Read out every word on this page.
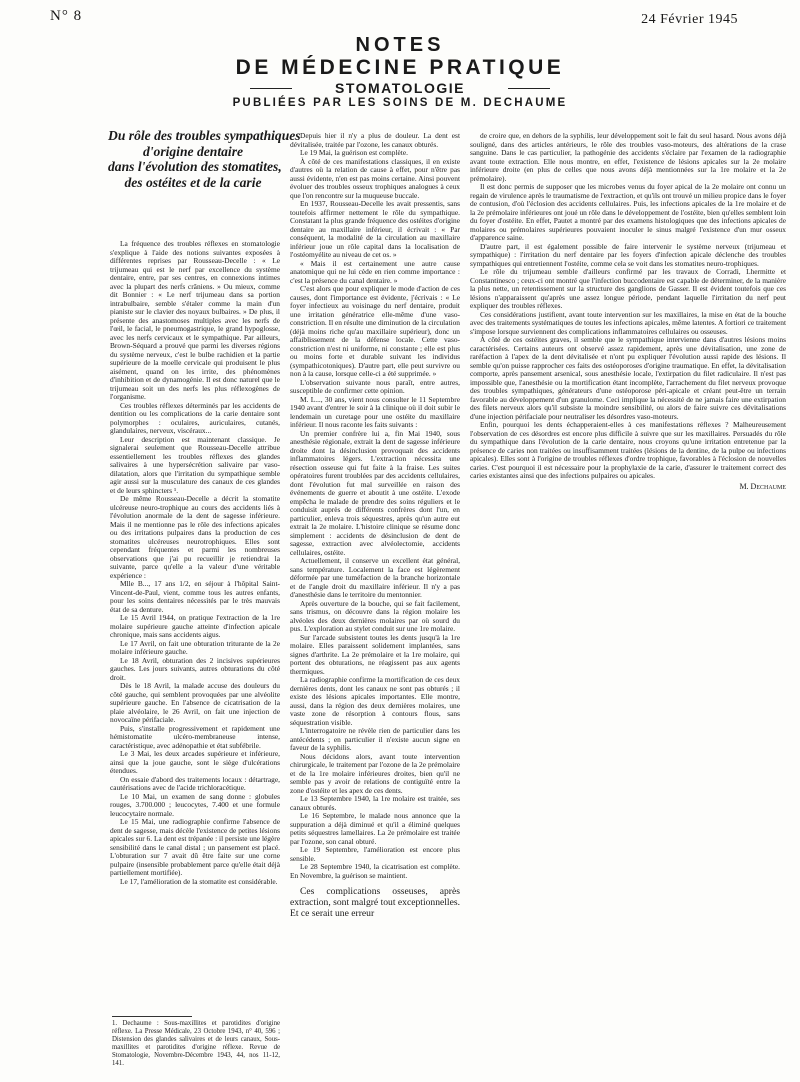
N° 8	24 Février 1945
NOTES
DE MÉDECINE PRATIQUE
STOMATOLOGIE
PUBLIÉES PAR LES SOINS DE M. DECHAUME
Du rôle des troubles sympathiques
d'origine dentaire
dans l'évolution des stomatites,
des ostéites et de la carie

La fréquence des troubles réflexes en stomatologie s'explique à l'aide des notions suivantes exposées à différentes reprises par Rousseau-Decelle : « Le trijumeau qui est le nerf par excellence du système dentaire, entre, par ses centres, en connexions intimes avec la plupart des nerfs crâniens. » Ou mieux, comme dit Bonnier : « Le nerf trijumeau dans sa portion intrabulbaire, semble s'étaler comme la main d'un pianiste sur le clavier des noyaux bulbaires. » De plus, il présente des anastomoses multiples avec les nerfs de l'œil, le facial, le pneumogastrique, le grand hypoglosse, avec les nerfs cervicaux et le sympathique. Par ailleurs, Brown-Séquard a prouvé que parmi les diverses régions du système nerveux, c'est le bulbe rachidien et la partie supérieure de la moelle cervicale qui produisent le plus aisément, quand on les irrite, des phénomènes d'inhibition et de dynamogénie. Il est donc naturel que le trijumeau soit un des nerfs les plus réflexogènes de l'organisme.

Ces troubles réflexes déterminés par les accidents de dentition ou les complications de la carie dentaire sont polymorphes : oculaires, auriculaires, cutanés, glandulaires, nerveux, viscéraux...

Leur description est maintenant classique. Je signalerai seulement que Rousseau-Decelle attribue essentiellement les troubles réflexes des glandes salivaires à une hypersécrétion salivaire par vaso-dilatation, alors que l'irritation du sympathique semble agir aussi sur la musculature des canaux de ces glandes et de leurs sphincters ¹.

De même Rousseau-Decelle a décrit la stomatite ulcéreuse neuro-trophique au cours des accidents liés à l'évolution anormale de la dent de sagesse inférieure. Mais il ne mentionne pas le rôle des infections apicales ou des irritations pulpaires dans la production de ces stomatites ulcéreuses neurotrophiques. Elles sont cependant fréquentes et parmi les nombreuses observations que j'ai pu recueillir je retiendrai la suivante, parce qu'elle a la valeur d'une véritable expérience :

Mlle B..., 17 ans 1/2, en séjour à l'hôpital Saint-Vincent-de-Paul, vient, comme tous les autres enfants, pour les soins dentaires nécessités par le très mauvais état de sa denture.

Le 15 Avril 1944, on pratique l'extraction de la 1re molaire supérieure gauche atteinte d'infection apicale chronique, mais sans accidents aigus.

Le 17 Avril, on fait une obturation triturante de la 2e molaire inférieure gauche.

Le 18 Avril, obturation des 2 incisives supérieures gauches. Les jours suivants, autres obturations du côté droit.

Dès le 18 Avril, la malade accuse des douleurs du côté gauche, qui semblent provoquées par une alvéolite supérieure gauche. En l'absence de cicatrisation de la plaie alvéolaire, le 26 Avril, on fait une injection de novocaïne périfaciale.

Puis, s'installe progressivement et rapidement une hémistomatite ulcéro-membraneuse intense, caractéristique, avec adénopathie et état subfébrile.

Le 3 Mai, les deux arcades supérieure et inférieure, ainsi que la joue gauche, sont le siège d'ulcérations étendues.

On essaie d'abord des traitements locaux : détartrage, cautérisations avec de l'acide trichloracétique.

Le 10 Mai, un examen de sang donne : globules rouges, 3.700.000 ; leucocytes, 7.400 et une formule leucocytaire normale.

Le 15 Mai, une radiographie confirme l'absence de dent de sagesse, mais décèle l'existence de petites lésions apicales sur 6. La dent est trépanée : il persiste une légère sensibilité dans le canal distal ; un pansement est placé. L'obturation sur 7 avait dû être faite sur une corne pulpaire (insensible probablement parce qu'elle était déjà partiellement mortifiée).

Le 17, l'amélioration de la stomatite est considérable.

1. Dechaume : Sous-maxillites et parotidites d'origine réflexe. La Presse Médicale, 23 Octobre 1943, n° 40, 596 ; Distension des glandes salivaires et de leurs canaux, Sous-maxillites et parotidites d'origine réflexe. Revue de Stomatologie, Novembre-Décembre 1943, 44, nos 11-12, 141.

Depuis hier il n'y a plus de douleur. La dent est dévitalisée, traitée par l'ozone, les canaux obturés.

Le 19 Mai, la guérison est complète.

À côté de ces manifestations classiques, il en existe d'autres où la relation de cause à effet, pour n'être pas aussi évidente, n'en est pas moins certaine. Ainsi pouvent évoluer des troubles osseux trophiques analogues à ceux que l'on rencontre sur la muqueuse buccale.

En 1937, Rousseau-Decelle les avait pressentis, sans toutefois affirmer nettement le rôle du sympathique. Constatant la plus grande fréquence des ostéites d'origine dentaire au maxillaire inférieur, il écrivait : « Par conséquent, la modalité de la circulation au maxillaire inférieur joue un rôle capital dans la localisation de l'ostéomyélite au niveau de cet os. »

« Mais il est certainement une autre cause anatomique qui ne lui cède en rien comme importance : c'est la présence du canal dentaire. »

C'est alors que pour expliquer le mode d'action de ces causes, dont l'importance est évidente, j'écrivais : « Le foyer infectieux au voisinage du nerf dentaire, produit une irritation génératrice elle-même d'une vaso-constriction. Il en résulte une diminution de la circulation (déjà moins riche qu'au maxillaire supérieur), donc un affaiblissement de la défense locale. Cette vaso-constriction n'est ni uniforme, ni constante ; elle est plus ou moins forte et durable suivant les individus (sympathicotoniques). D'autre part, elle peut survivre ou non à la cause, lorsque celle-ci a été supprimée. »

L'observation suivante nous paraît, entre autres, susceptible de confirmer cette opinion.

M. L..., 30 ans, vient nous consulter le 11 Septembre 1940 avant d'entrer le soir à la clinique où il doit subir le lendemain un curetage pour une ostéite du maxillaire inférieur. Il nous raconte les faits suivants :

Un premier confrère lui a, fin Mai 1940, sous anesthésie régionale, extrait la dent de sagesse inférieure droite dont la désinclusion provoquait des accidents inflammatoires légers. L'extraction nécessita une résection osseuse qui fut faite à la fraise. Les suites opératoires furent troublées par des accidents cellulaires, dont l'évolution fut mal surveillée en raison des événements de guerre et aboutit à une ostéite. L'exode empêcha le malade de prendre des soins réguliers et le conduisit auprès de différents confrères dont l'un, en particulier, enleva trois séquestres, après qu'un autre eut extrait la 2e molaire. L'histoire clinique se résume donc simplement : accidents de désinclusion de dent de sagesse, extraction avec alvéolectomie, accidents cellulaires, ostéite.

Actuellement, il conserve un excellent état général, sans température. Localement la face est légèrement déformée par une tuméfaction de la branche horizontale et de l'angle droit du maxillaire inférieur. Il n'y a pas d'anesthésie dans le territoire du mentonnier.

Après ouverture de la bouche, qui se fait facilement, sans trismus, on découvre dans la région molaire les alvéoles des deux dernières molaires par où sourd du pus. L'exploration au stylet conduit sur une 1re molaire.

Sur l'arcade subsistent toutes les dents jusqu'à la 1re molaire. Elles paraissent solidement implantées, sans signes d'arthrite. La 2e prémolaire et la 1re molaire, qui portent des obturations, ne réagissent pas aux agents thermiques.

La radiographie confirme la mortification de ces deux dernières dents, dont les canaux ne sont pas obturés ; il existe des lésions apicales importantes. Elle montre, aussi, dans la région des deux dernières molaires, une vaste zone de résorption à contours flous, sans séquestration visible.

L'interrogatoire ne révèle rien de particulier dans les antécédents ; en particulier il n'existe aucun signe en faveur de la syphilis.

Nous décidons alors, avant toute intervention chirurgicale, le traitement par l'ozone de la 2e prémolaire et de la 1re molaire inférieures droites, bien qu'il ne semble pas y avoir de relations de contiguïté entre la zone d'ostéite et les apex de ces dents.

Le 13 Septembre 1940, la 1re molaire est traitée, ses canaux obturés.

Le 16 Septembre, le malade nous annonce que la suppuration a déjà diminué et qu'il a éliminé quelques petits séquestres lamellaires. La 2e prémolaire est traitée par l'ozone, son canal obturé.

Le 19 Septembre, l'amélioration est encore plus sensible.

Le 28 Septembre 1940, la cicatrisation est complète. En Novembre, la guérison se maintient.

Ces complications osseuses, après extraction, sont malgré tout exceptionnelles. Et ce serait une erreur

de croire que, en dehors de la syphilis, leur développement soit le fait du seul hasard. Nous avons déjà souligné, dans des articles antérieurs, le rôle des troubles vaso-moteurs, des altérations de la crase sanguine. Dans le cas particulier, la pathogénie des accidents s'éclaire par l'examen de la radiographie avant toute extraction. Elle nous montre, en effet, l'existence de lésions apicales sur la 2e molaire inférieure droite (en plus de celles que nous avons déjà mentionnées sur la 1re molaire et la 2e prémolaire).

Il est donc permis de supposer que les microbes venus du foyer apical de la 2e molaire ont connu un regain de virulence après le traumatisme de l'extraction, et qu'ils ont trouvé un milieu propice dans le foyer de contusion, d'où l'éclosion des accidents cellulaires. Puis, les infections apicales de la 1re molaire et de la 2e prémolaire inférieures ont joué un rôle dans le développement de l'ostéite, bien qu'elles semblent loin du foyer d'ostéite. En effet, Pautet a montré par des examens histologiques que des infections apicales de molaires ou prémolaires supérieures pouvaient inoculer le sinus malgré l'existence d'un mur osseux d'apparence saine.

D'autre part, il est également possible de faire intervenir le système nerveux (trijumeau et sympathique) : l'irritation du nerf dentaire par les foyers d'infection apicale déclenche des troubles sympathiques qui entretiennent l'ostéite, comme cela se voit dans les stomatites neuro-trophiques.

Le rôle du trijumeau semble d'ailleurs confirmé par les travaux de Corradi, Lhermitte et Constantinesco ; ceux-ci ont montré que l'infection buccodentaire est capable de déterminer, de la manière la plus nette, un retentissement sur la structure des ganglions de Gasser. Il est évident toutefois que ces lésions n'apparaissent qu'après une assez longue période, pendant laquelle l'irritation du nerf peut expliquer des troubles réflexes.

Ces considérations justifient, avant toute intervention sur les maxillaires, la mise en état de la bouche avec des traitements systématiques de toutes les infections apicales, même latentes. A fortiori ce traitement s'impose lorsque surviennent des complications inflammatoires cellulaires ou osseuses.

À côté de ces ostéites graves, il semble que le sympathique intervienne dans d'autres lésions moins caractérisées. Certains auteurs ont observé assez rapidement, après une dévitalisation, une zone de raréfaction à l'apex de la dent dévitalisée et n'ont pu expliquer l'évolution aussi rapide des lésions. Il semble qu'on puisse rapprocher ces faits des ostéoporoses d'origine traumatique. En effet, la dévitalisation comporte, après pansement arsenical, sous anesthésie locale, l'extirpation du filet radiculaire. Il n'est pas impossible que, l'anesthésie ou la mortification étant incomplète, l'arrachement du filet nerveux provoque des troubles sympathiques, générateurs d'une ostéoporose péri-apicale et créant peut-être un terrain favorable au développement d'un granulome. Ceci implique la nécessité de ne jamais faire une extirpation des filets nerveux alors qu'il subsiste la moindre sensibilité, ou alors de faire suivre ces dévitalisations d'une injection périfaciale pour neutraliser les désordres vaso-moteurs.

Enfin, pourquoi les dents échapperaient-elles à ces manifestations réflexes ? Malheureusement l'observation de ces désordres est encore plus difficile à suivre que sur les maxillaires. Persuadés du rôle du sympathique dans l'évolution de la carie dentaire, nous croyons qu'une irritation entretenue par la présence de caries non traitées ou insuffisamment traitées (lésions de la dentine, de la pulpe ou infections apicales). Elles sont à l'origine de troubles réflexes d'ordre trophique, favorables à l'éclosion de nouvelles caries. C'est pourquoi il est nécessaire pour la prophylaxie de la carie, d'assurer le traitement correct des caries existantes ainsi que des infections pulpaires ou apicales.

M. Dechaume
